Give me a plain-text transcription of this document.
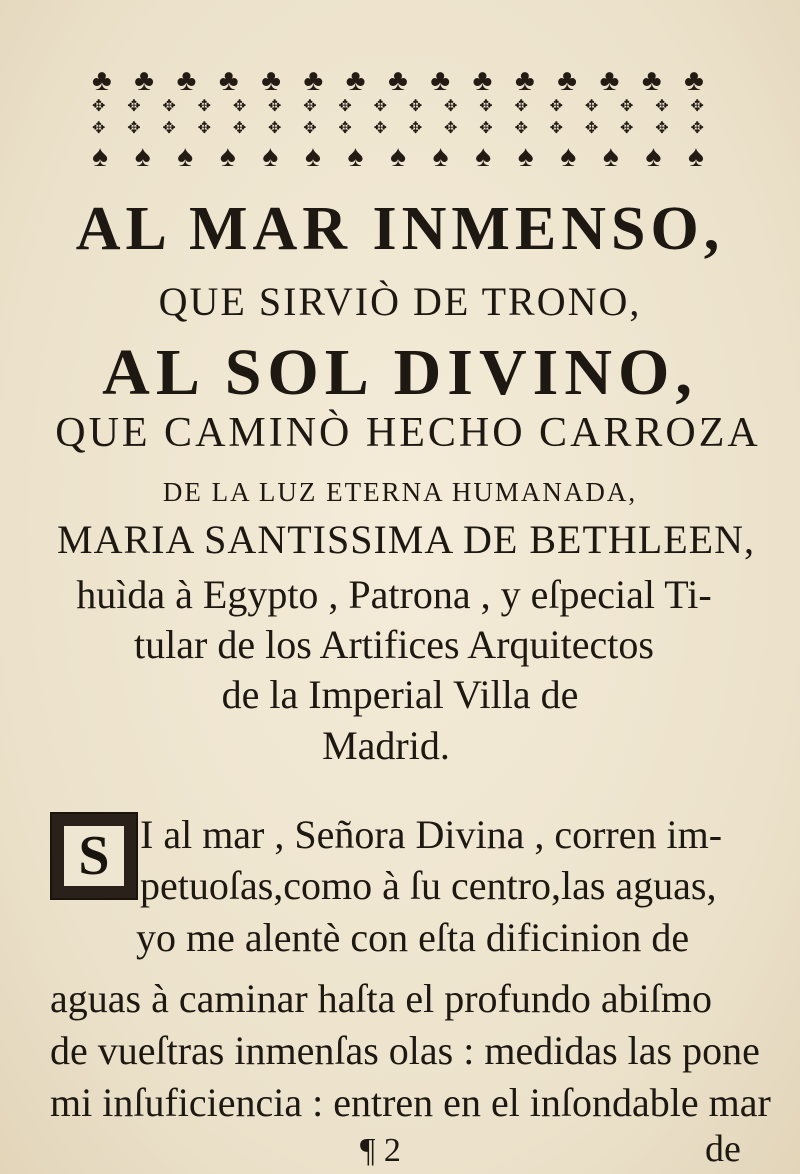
♣ ♣ ♣ ♣ ♣ ♣ ♣ ♣ ♣ ♣ ♣ ♣ ♣ ♣ ♣
✥ ✥ ✥ ✥ ✥ ✥ ✥ ✥ ✥ ✥ ✥ ✥ ✥ ✥ ✥ ✥ ✥ ✥
✥ ✥ ✥ ✥ ✥ ✥ ✥ ✥ ✥ ✥ ✥ ✥ ✥ ✥ ✥ ✥ ✥ ✥
♠ ♠ ♠ ♠ ♠ ♠ ♠ ♠ ♠ ♠ ♠ ♠ ♠ ♠ ♠
AL MAR INMENSO,
QUE SIRVIÒ DE TRONO,
AL SOL DIVINO,
QUE CAMINÒ HECHO CARROZA
DE LA LUZ ETERNA HUMANADA,
MARIA SANTISSIMA DE BETHLEEN,
huìda à Egypto , Patrona , y eſpecial Ti-
tular de los Artifices Arquitectos
de la Imperial Villa de
Madrid.
S I al mar , Señora Divina , corren im-
petuoſas,como à ſu centro,las aguas,
yo me alentè con eſta dificinion de
aguas à caminar haſta el profundo abiſmo
de vueſtras inmenſas olas : medidas las pone
mi inſuficiencia : entren en el inſondable mar
¶ 2	de
